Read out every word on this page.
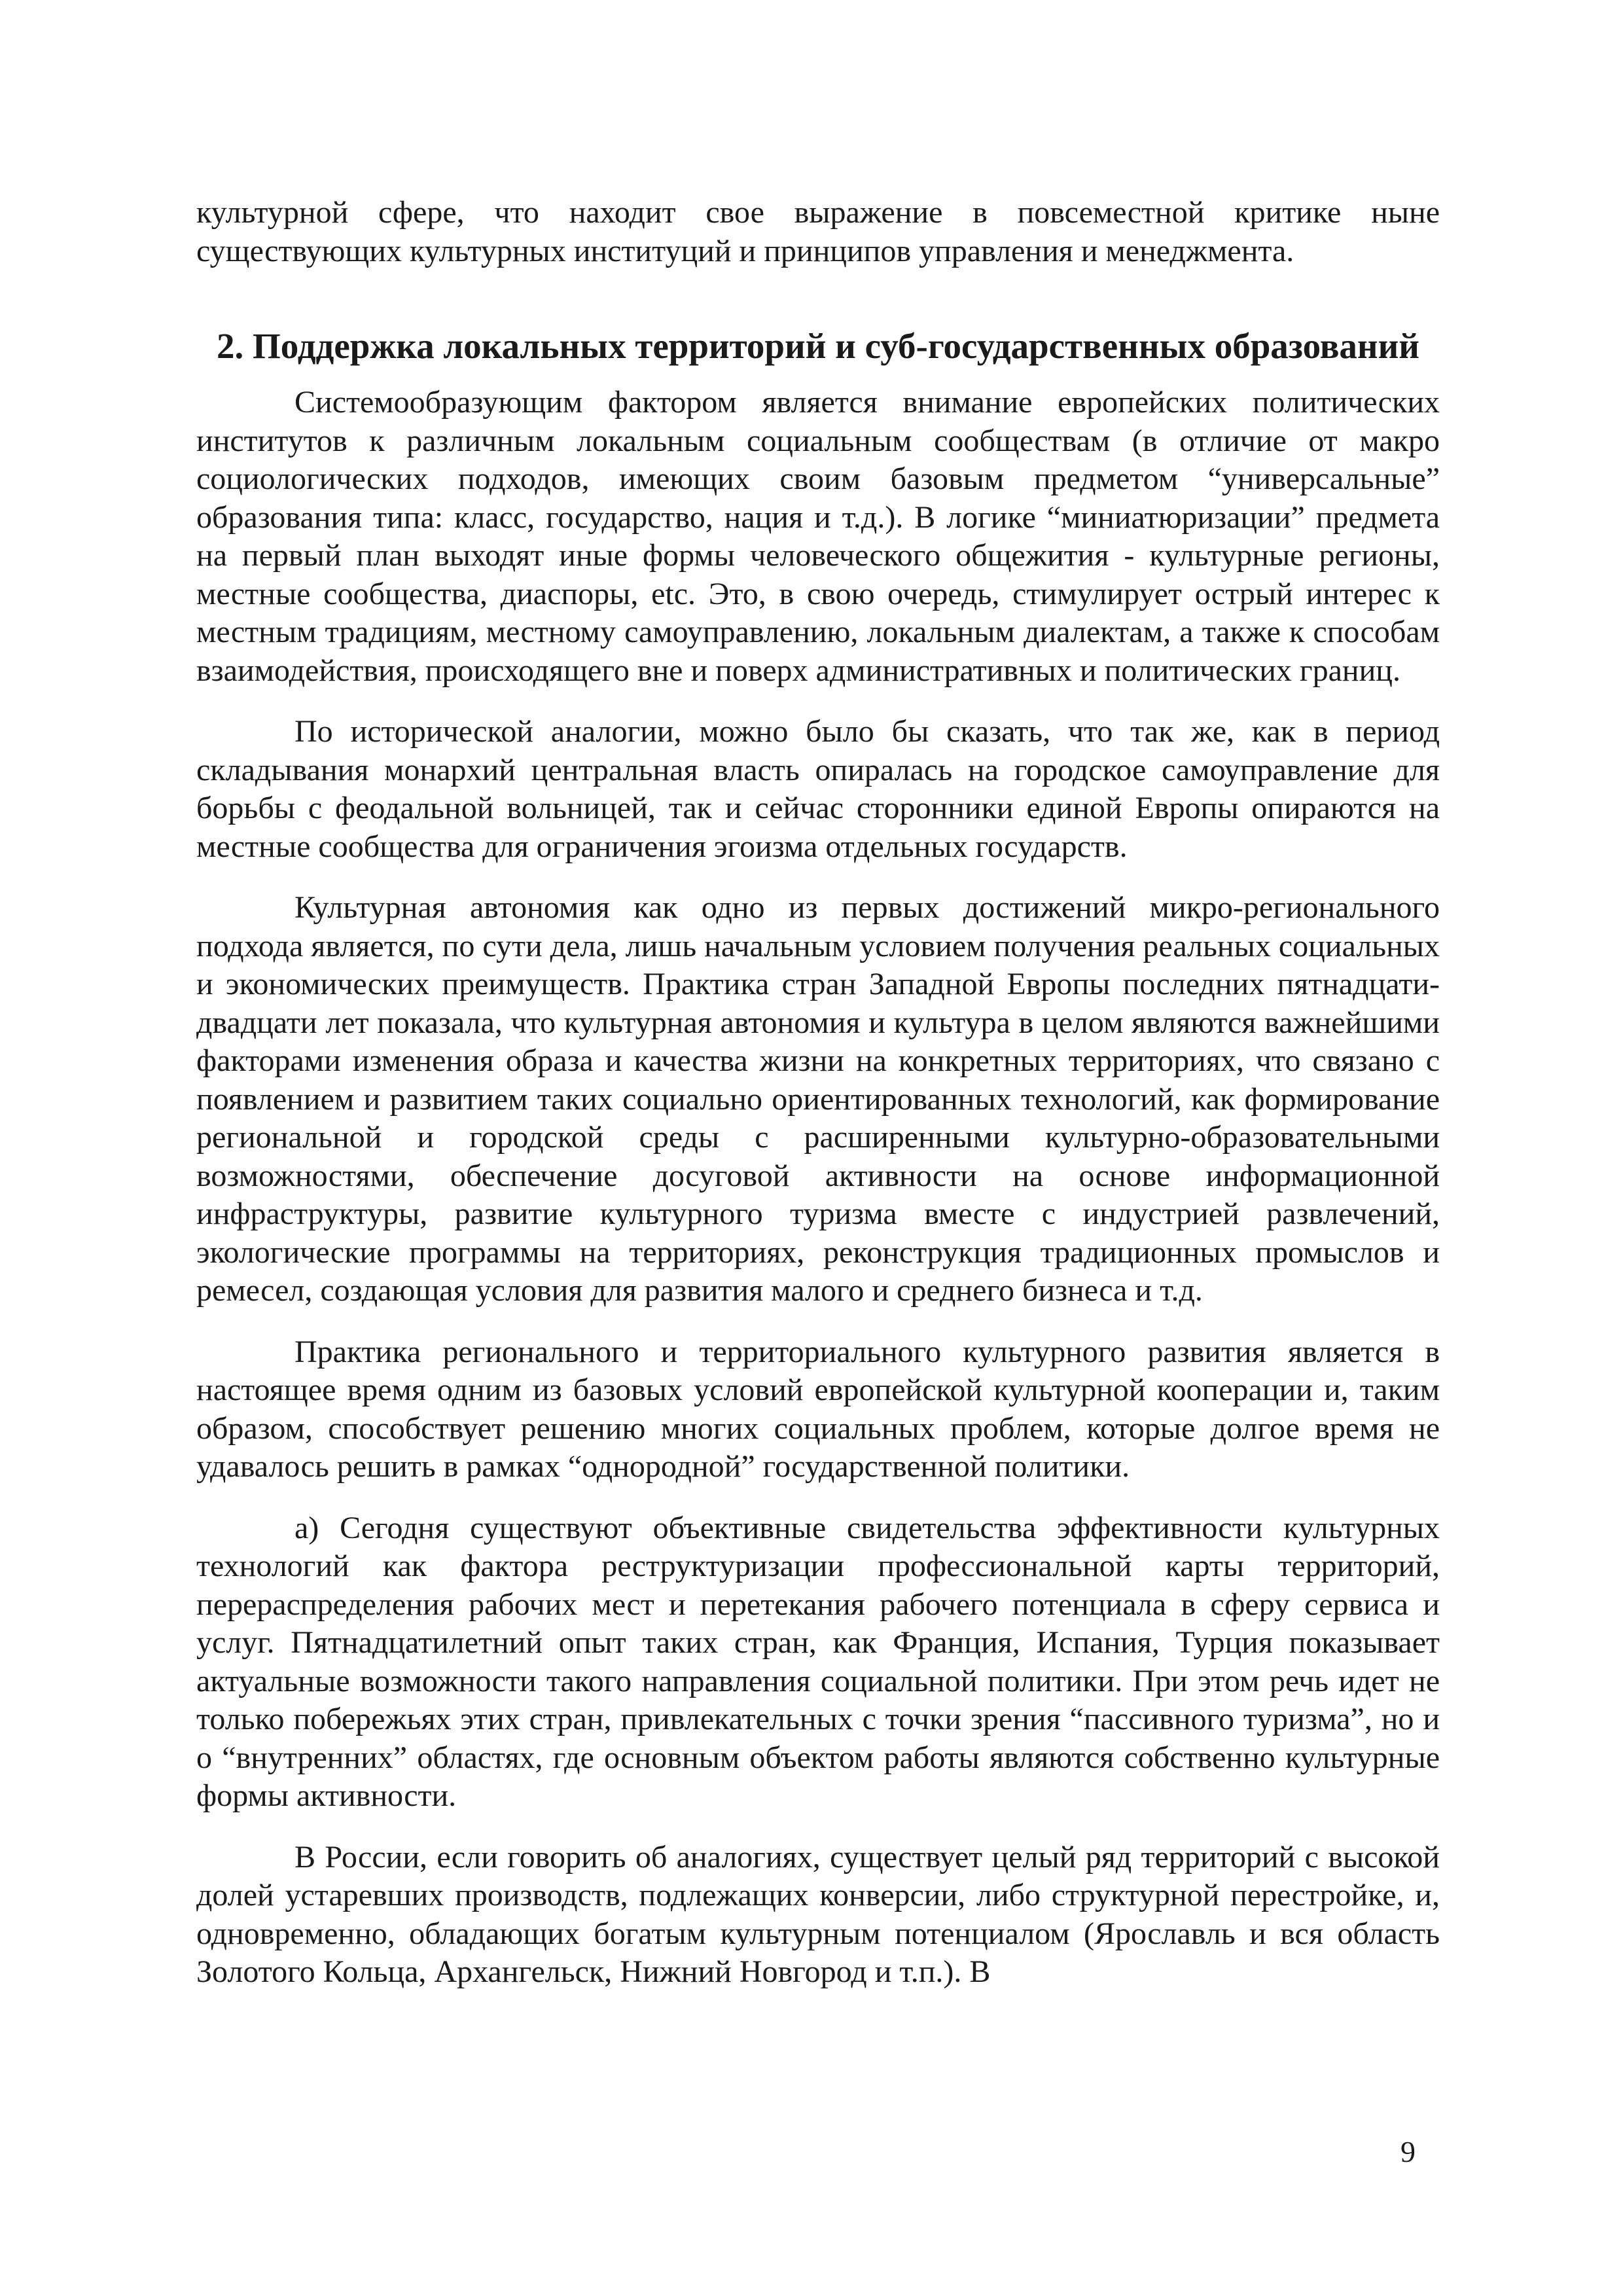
культурной сфере, что находит свое выражение в повсеместной критике ныне существующих культурных институций и принципов управления и менеджмента.

2. Поддержка локальных территорий и суб-государственных образований

Системообразующим фактором является внимание европейских политических институтов к различным локальным социальным сообществам (в отличие от макро социологических подходов, имеющих своим базовым предметом “универсальные” образования типа: класс, государство, нация и т.д.). В логике “миниатюризации” предмета на первый план выходят иные формы человеческого общежития - культурные регионы, местные сообщества, диаспоры, etc. Это, в свою очередь, стимулирует острый интерес к местным традициям, местному самоуправлению, локальным диалектам, а также к способам взаимодействия, происходящего вне и поверх административных и политических границ.

По исторической аналогии, можно было бы сказать, что так же, как в период складывания монархий центральная власть опиралась на городское самоуправление для борьбы с феодальной вольницей, так и сейчас сторонники единой Европы опираются на местные сообщества для ограничения эгоизма отдельных государств.

Культурная автономия как одно из первых достижений микро-регионального подхода является, по сути дела, лишь начальным условием получения реальных социальных и экономических преимуществ. Практика стран Западной Европы последних пятнадцати-двадцати лет показала, что культурная автономия и культура в целом являются важнейшими факторами изменения образа и качества жизни на конкретных территориях, что связано с появлением и развитием таких социально ориентированных технологий, как формирование региональной и городской среды с расширенными культурно-образовательными возможностями, обеспечение досуговой активности на основе информационной инфраструктуры, развитие культурного туризма вместе с индустрией развлечений, экологические программы на территориях, реконструкция традиционных промыслов и ремесел, создающая условия для развития малого и среднего бизнеса и т.д.

Практика регионального и территориального культурного развития является в настоящее время одним из базовых условий европейской культурной кооперации и, таким образом, способствует решению многих социальных проблем, которые долгое время не удавалось решить в рамках “однородной” государственной политики.

а) Сегодня существуют объективные свидетельства эффективности культурных технологий как фактора реструктуризации профессиональной карты территорий, перераспределения рабочих мест и перетекания рабочего потенциала в сферу сервиса и услуг. Пятнадцатилетний опыт таких стран, как Франция, Испания, Турция показывает актуальные возможности такого направления социальной политики. При этом речь идет не только побережьях этих стран, привлекательных с точки зрения “пассивного туризма”, но и о “внутренних” областях, где основным объектом работы являются собственно культурные формы активности.

В России, если говорить об аналогиях, существует целый ряд территорий с высокой долей устаревших производств, подлежащих конверсии, либо структурной перестройке, и, одновременно, обладающих богатым культурным потенциалом (Ярославль и вся область Золотого Кольца, Архангельск, Нижний Новгород и т.п.). В

9
